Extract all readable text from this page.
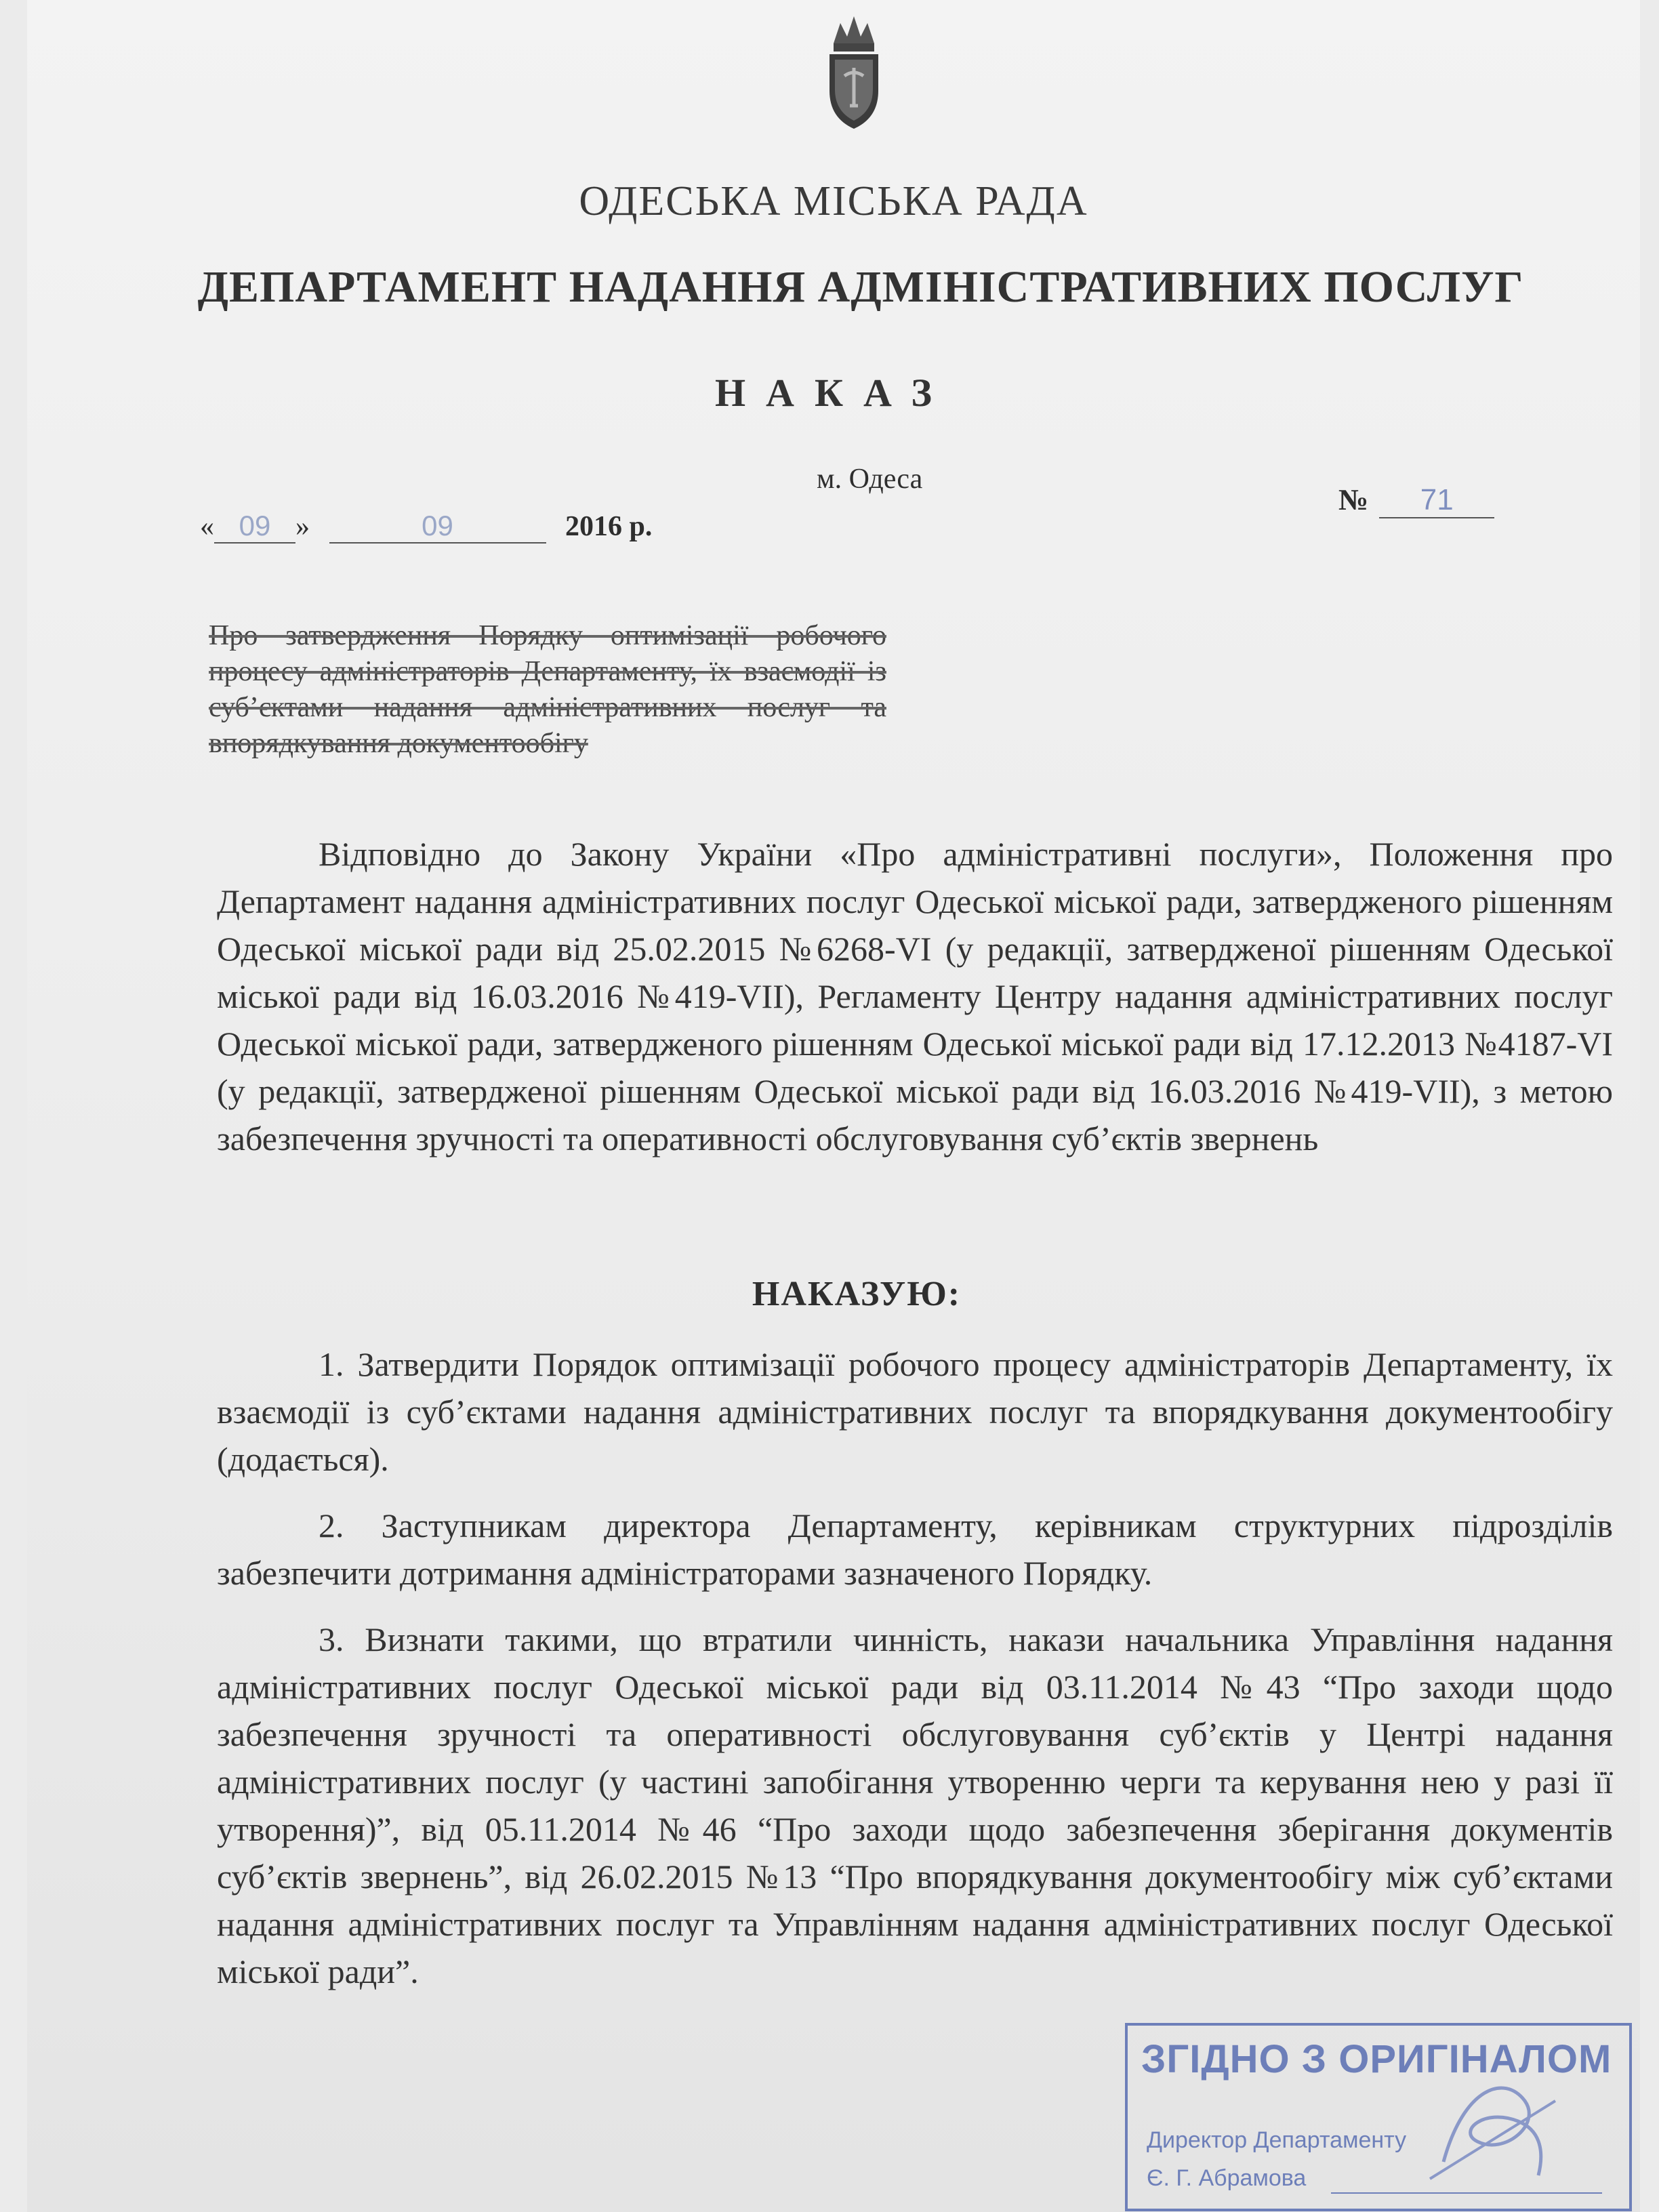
ОДЕСЬКА МІСЬКА РАДА
ДЕПАРТАМЕНТ НАДАННЯ АДМІНІСТРАТИВНИХ ПОСЛУГ
НАКАЗ
м. Одеса
« 09 »	09	2016 р.
№ 71
Про затвердження Порядку оптимізації робочого процесу адміністраторів Департаменту, їх взаємодії із суб’єктами надання адміністративних послуг та впорядкування документообігу
Відповідно до Закону України «Про адміністративні послуги», Положення про Департамент надання адміністративних послуг Одеської міської ради, затвердженого рішенням Одеської міської ради від 25.02.2015 №6268-VI (у редакції, затвердженої рішенням Одеської міської ради від 16.03.2016 №419-VII), Регламенту Центру надання адміністративних послуг Одеської міської ради, затвердженого рішенням Одеської міської ради від 17.12.2013 №4187-VI (у редакції, затвердженої рішенням Одеської міської ради від 16.03.2016 №419-VII), з метою забезпечення зручності та оперативності обслуговування суб’єктів звернень
НАКАЗУЮ:
1. Затвердити Порядок оптимізації робочого процесу адміністраторів Департаменту, їх взаємодії із суб’єктами надання адміністративних послуг та впорядкування документообігу (додається).
2. Заступникам директора Департаменту, керівникам структурних підрозділів забезпечити дотримання адміністраторами зазначеного Порядку.
3. Визнати такими, що втратили чинність, накази начальника Управління надання адміністративних послуг Одеської міської ради від 03.11.2014 №43 “Про заходи щодо забезпечення зручності та оперативності обслуговування суб’єктів у Центрі надання адміністративних послуг (у частині запобігання утворенню черги та керування нею у разі її утворення)”, від 05.11.2014 №46 “Про заходи щодо забезпечення зберігання документів суб’єктів звернень”, від 26.02.2015 №13 “Про впорядкування документообігу між суб’єктами надання адміністративних послуг та Управлінням надання адміністративних послуг Одеської міської ради”.
ЗГІДНО З ОРИГІНАЛОМ
Директор Департаменту
Є. Г. Абрамова
